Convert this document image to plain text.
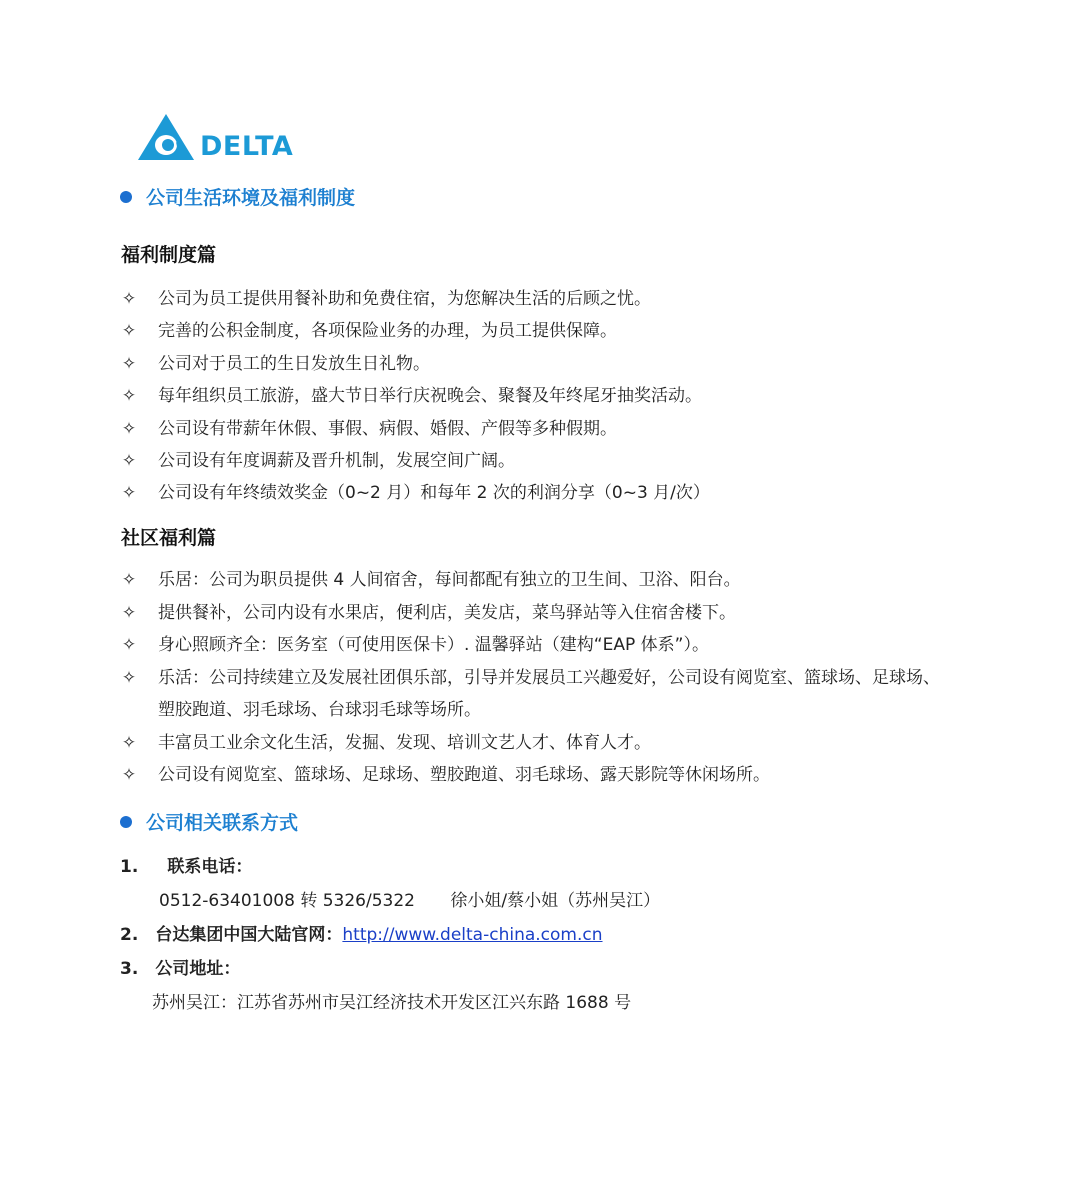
DELTA
公司生活环境及福利制度
福利制度篇
✧ 公司为员工提供用餐补助和免费住宿，为您解决生活的后顾之忧。
✧ 完善的公积金制度，各项保险业务的办理，为员工提供保障。
✧ 公司对于员工的生日发放生日礼物。
✧ 每年组织员工旅游，盛大节日举行庆祝晚会、聚餐及年终尾牙抽奖活动。
✧ 公司设有带薪年休假、事假、病假、婚假、产假等多种假期。
✧ 公司设有年度调薪及晋升机制，发展空间广阔。
✧ 公司设有年终绩效奖金（0~2 月）和每年 2 次的利润分享（0~3 月/次）
社区福利篇
✧ 乐居：公司为职员提供 4 人间宿舍，每间都配有独立的卫生间、卫浴、阳台。
✧ 提供餐补，公司内设有水果店，便利店，美发店，菜鸟驿站等入住宿舍楼下。
✧ 身心照顾齐全：医务室（可使用医保卡）. 温馨驿站（建构“EAP 体系”）。
✧ 乐活：公司持续建立及发展社团俱乐部，引导并发展员工兴趣爱好，公司设有阅览室、篮球场、足球场、塑胶跑道、羽毛球场、台球羽毛球等场所。
✧ 丰富员工业余文化生活，发掘、发现、培训文艺人才、体育人才。
✧ 公司设有阅览室、篮球场、足球场、塑胶跑道、羽毛球场、露天影院等休闲场所。
公司相关联系方式
1. 联系电话：
0512-63401008 转 5326/5322 徐小姐/蔡小姐（苏州吴江）
2. 台达集团中国大陆官网：http://www.delta-china.com.cn
3. 公司地址：
苏州吴江：江苏省苏州市吴江经济技术开发区江兴东路 1688 号
